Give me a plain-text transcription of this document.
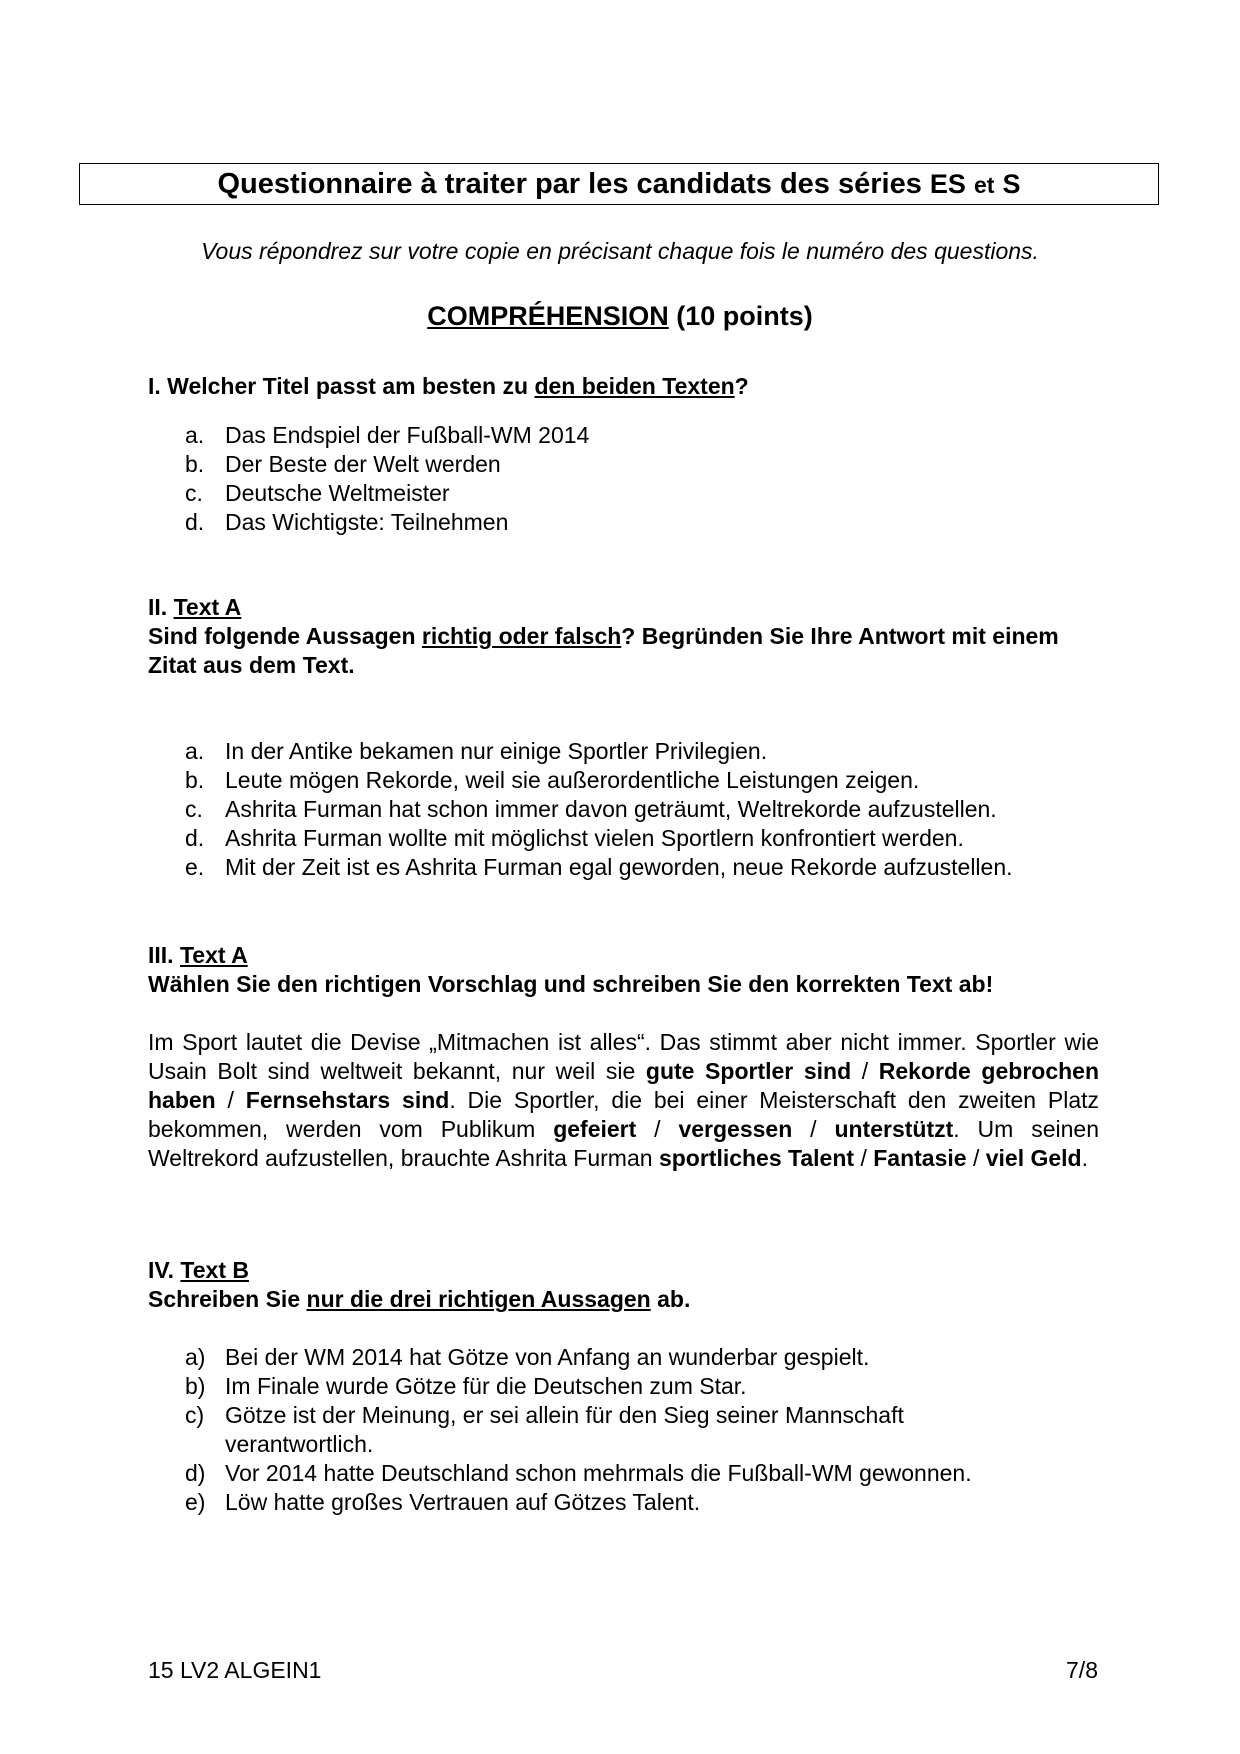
Questionnaire à traiter par les candidats des séries ES et S
Vous répondrez sur votre copie en précisant chaque fois le numéro des questions.
COMPRÉHENSION (10 points)
I. Welcher Titel passt am besten zu den beiden Texten?
a. Das Endspiel der Fußball-WM 2014
b. Der Beste der Welt werden
c. Deutsche Weltmeister
d. Das Wichtigste: Teilnehmen
II. Text A
Sind folgende Aussagen richtig oder falsch? Begründen Sie Ihre Antwort mit einem Zitat aus dem Text.
a. In der Antike bekamen nur einige Sportler Privilegien.
b. Leute mögen Rekorde, weil sie außerordentliche Leistungen zeigen.
c. Ashrita Furman hat schon immer davon geträumt, Weltrekorde aufzustellen.
d. Ashrita Furman wollte mit möglichst vielen Sportlern konfrontiert werden.
e. Mit der Zeit ist es Ashrita Furman egal geworden, neue Rekorde aufzustellen.
III. Text A
Wählen Sie den richtigen Vorschlag und schreiben Sie den korrekten Text ab!
Im Sport lautet die Devise „Mitmachen ist alles“. Das stimmt aber nicht immer. Sportler wie Usain Bolt sind weltweit bekannt, nur weil sie gute Sportler sind / Rekorde gebrochen haben / Fernsehstars sind. Die Sportler, die bei einer Meisterschaft den zweiten Platz bekommen, werden vom Publikum gefeiert / vergessen / unterstützt. Um seinen Weltrekord aufzustellen, brauchte Ashrita Furman sportliches Talent / Fantasie / viel Geld.
IV. Text B
Schreiben Sie nur die drei richtigen Aussagen ab.
a) Bei der WM 2014 hat Götze von Anfang an wunderbar gespielt.
b) Im Finale wurde Götze für die Deutschen zum Star.
c) Götze ist der Meinung, er sei allein für den Sieg seiner Mannschaft verantwortlich.
d) Vor 2014 hatte Deutschland schon mehrmals die Fußball-WM gewonnen.
e) Löw hatte großes Vertrauen auf Götzes Talent.
15 LV2 ALGEIN1	7/8
